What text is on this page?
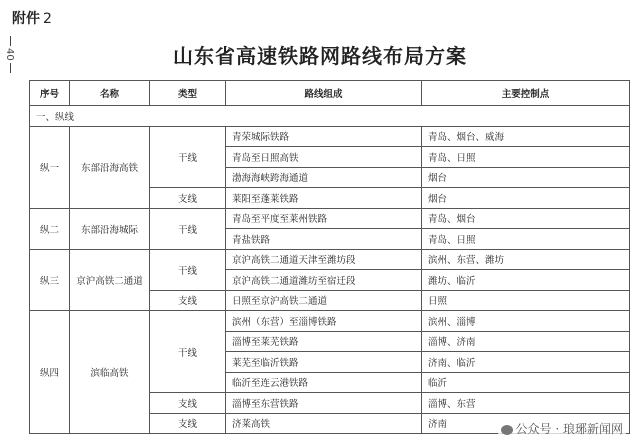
附件 2
40	山东省高速铁路网路线布局方案
序号	名称	类型	路线组成	主要控制点
一、纵线				
纵一	东部沿海高铁	干线	青荣城际铁路	青岛、烟台、威海
			青岛至日照高铁	青岛、日照
			渤海海峡跨海通道	烟台
		支线	莱阳至蓬莱铁路	烟台
纵二	东部沿海城际	干线	青岛至平度至莱州铁路	青岛、烟台
			青盐铁路	青岛、日照
纵三	京沪高铁二通道	干线	京沪高铁二通道天津至潍坊段	滨州、东营、潍坊
			京沪高铁二通道潍坊至宿迁段	潍坊、临沂
		支线	日照至京沪高铁二通道	日照
纵四	滨临高铁	干线	滨州（东营）至淄博铁路	滨州、淄博
			淄博至莱芜铁路	淄博、济南
			莱芜至临沂铁路	济南、临沂
			临沂至连云港铁路	临沂
		支线	淄博至东营铁路	淄博、东营
		支线	济莱高铁	济南	公众号 · 琅琊新闻网
